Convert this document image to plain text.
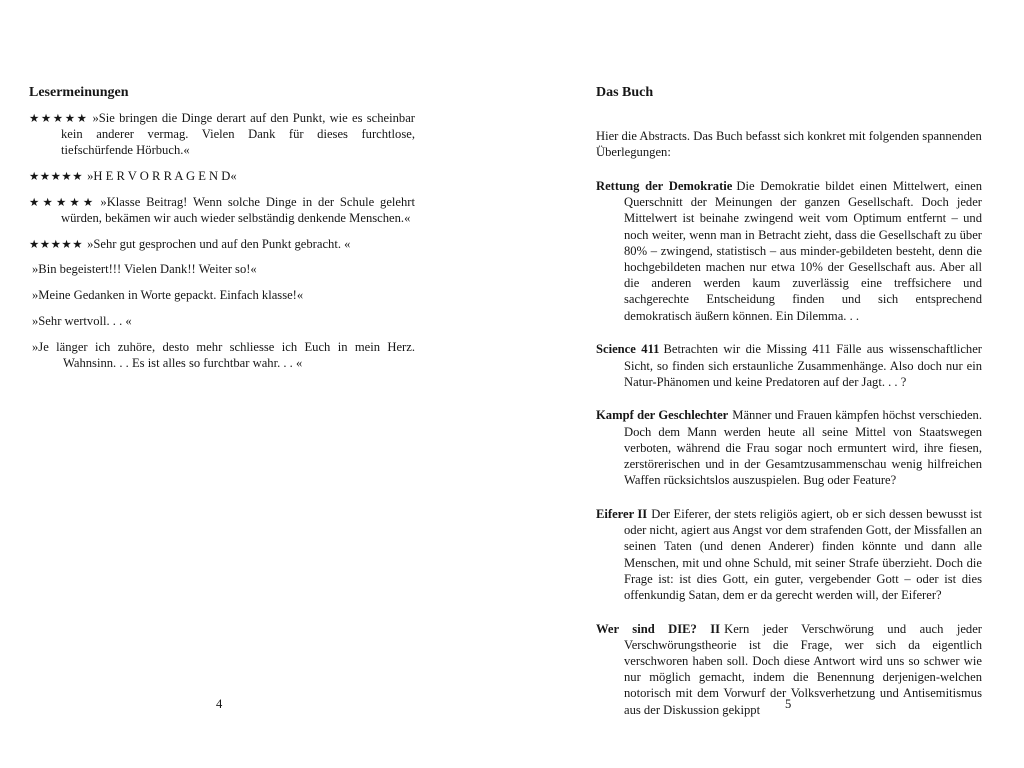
Lesermeinungen
★★★★★ »Sie bringen die Dinge derart auf den Punkt, wie es scheinbar kein anderer vermag. Vielen Dank für dieses furchtlose, tiefschürfende Hörbuch.«
★★★★★ »H E R V O R R A G E N D«
★★★★★ »Klasse Beitrag! Wenn solche Dinge in der Schule gelehrt würden, bekämen wir auch wieder selbständig denkende Menschen.«
★★★★★ »Sehr gut gesprochen und auf den Punkt gebracht. «
»Bin begeistert!!! Vielen Dank!! Weiter so!«
»Meine Gedanken in Worte gepackt. Einfach klasse!«
»Sehr wertvoll. . . «
»Je länger ich zuhöre, desto mehr schliesse ich Euch in mein Herz. Wahnsinn. . . Es ist alles so furchtbar wahr. . . «
4
Das Buch

Hier die Abstracts. Das Buch befasst sich konkret mit folgenden spannenden Überlegungen:

Rettung der Demokratie Die Demokratie bildet einen Mittelwert, einen Querschnitt der Meinungen der ganzen Gesellschaft. Doch jeder Mittelwert ist beinahe zwingend weit vom Optimum entfernt – und noch weiter, wenn man in Betracht zieht, dass die Gesellschaft zu über 80% – zwingend, statistisch – aus minder-gebildeten besteht, denn die hochgebildeten machen nur etwa 10% der Gesellschaft aus. Aber all die anderen werden kaum zuverlässig eine treffsichere und sachgerechte Entscheidung finden und sich entsprechend demokratisch äußern können. Ein Dilemma. . .
Science 411 Betrachten wir die Missing 411 Fälle aus wissenschaftlicher Sicht, so finden sich erstaunliche Zusammenhänge. Also doch nur ein Natur-Phänomen und keine Predatoren auf der Jagt. . . ?
Kampf der Geschlechter Männer und Frauen kämpfen höchst verschieden. Doch dem Mann werden heute all seine Mittel von Staatswegen verboten, während die Frau sogar noch ermuntert wird, ihre fiesen, zerstörerischen und in der Gesamtzusammenschau wenig hilfreichen Waffen rücksichtslos auszuspielen. Bug oder Feature?
Eiferer II Der Eiferer, der stets religiös agiert, ob er sich dessen bewusst ist oder nicht, agiert aus Angst vor dem strafenden Gott, der Missfallen an seinen Taten (und denen Anderer) finden könnte und dann alle Menschen, mit und ohne Schuld, mit seiner Strafe überzieht. Doch die Frage ist: ist dies Gott, ein guter, vergebender Gott – oder ist dies offenkundig Satan, dem er da gerecht werden will, der Eiferer?
Wer sind DIE? II Kern jeder Verschwörung und auch jeder Verschwörungstheorie ist die Frage, wer sich da eigentlich verschworen haben soll. Doch diese Antwort wird uns so schwer wie nur möglich gemacht, indem die Benennung derjenigen-welchen notorisch mit dem Vorwurf der Volksverhetzung und Antisemitismus aus der Diskussion gekippt	5
